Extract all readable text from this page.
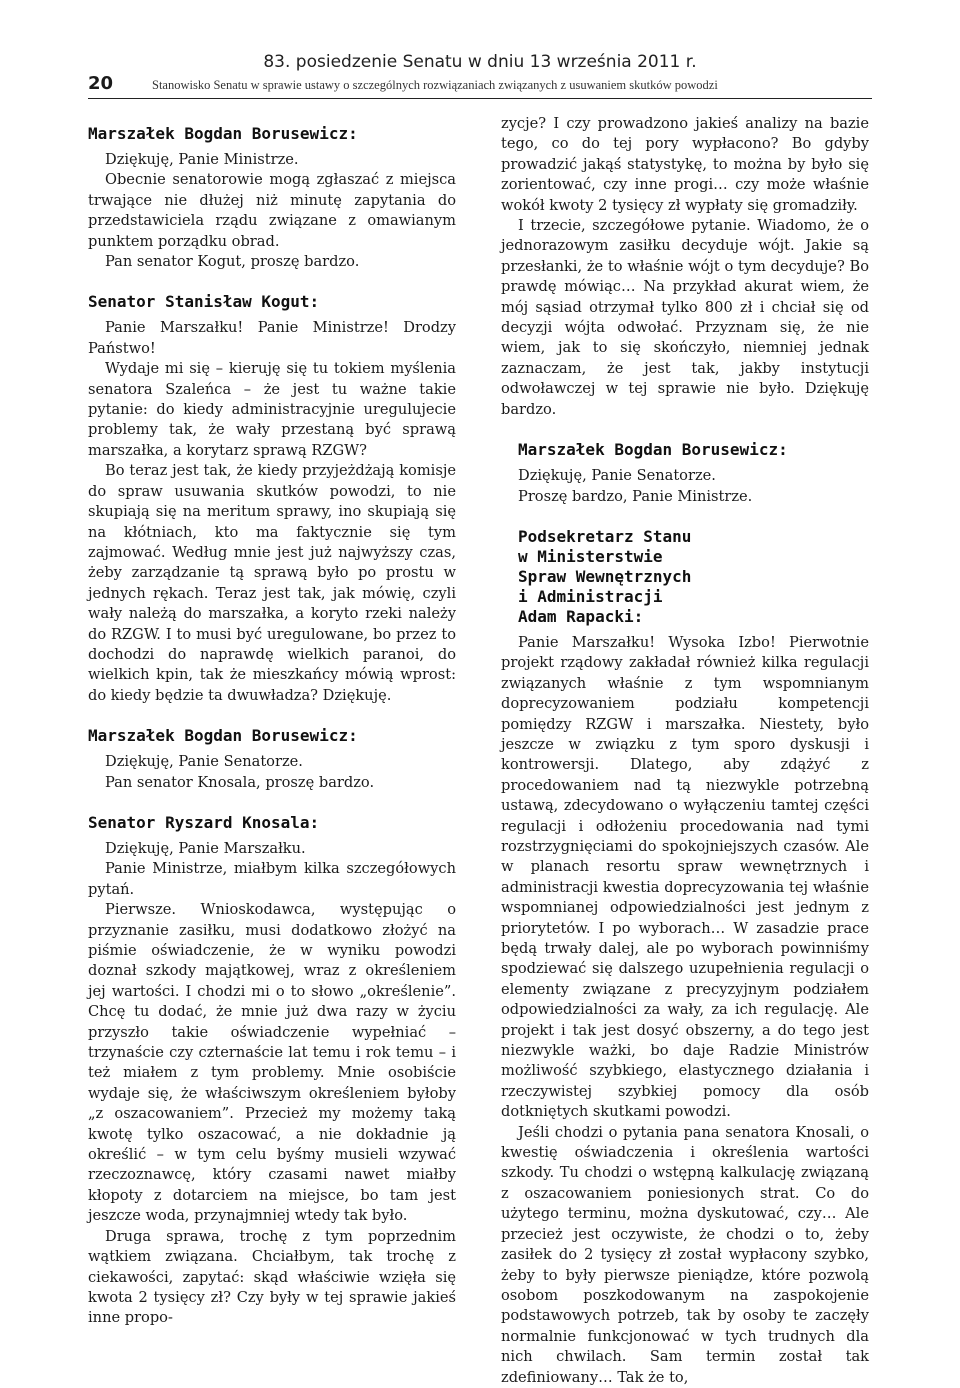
83. posiedzenie Senatu w dniu 13 września 2011 r.
20	Stanowisko Senatu w sprawie ustawy o szczególnych rozwiązaniach związanych z usuwaniem skutków powodzi
Marszałek Bogdan Borusewicz:

Dziękuję, Panie Ministrze.

Obecnie senatorowie mogą zgłaszać z miejsca trwające nie dłużej niż minutę zapytania do przedstawiciela rządu związane z omawianym punktem porządku obrad.

Pan senator Kogut, proszę bardzo.

Senator Stanisław Kogut:

Panie Marszałku! Panie Ministrze! Drodzy Państwo!

Wydaje mi się – kieruję się tu tokiem myślenia senatora Szaleńca – że jest tu ważne takie pytanie: do kiedy administracyjnie uregulujecie problemy tak, że wały przestaną być sprawą marszałka, a korytarz sprawą RZGW?

Bo teraz jest tak, że kiedy przyjeżdżają komisje do spraw usuwania skutków powodzi, to nie skupiają się na meritum sprawy, ino skupiają się na kłótniach, kto ma faktycznie się tym zajmować. Według mnie jest już najwyższy czas, żeby zarządzanie tą sprawą było po prostu w jednych rękach. Teraz jest tak, jak mówię, czyli wały należą do marszałka, a koryto rzeki należy do RZGW. I to musi być uregulowane, bo przez to dochodzi do naprawdę wielkich paranoi, do wielkich kpin, tak że mieszkańcy mówią wprost: do kiedy będzie ta dwuwładza? Dziękuję.

Marszałek Bogdan Borusewicz:

Dziękuję, Panie Senatorze.

Pan senator Knosala, proszę bardzo.

Senator Ryszard Knosala:

Dziękuję, Panie Marszałku.

Panie Ministrze, miałbym kilka szczegółowych pytań.

Pierwsze. Wnioskodawca, występując o przyznanie zasiłku, musi dodatkowo złożyć na piśmie oświadczenie, że w wyniku powodzi doznał szkody majątkowej, wraz z określeniem jej wartości. I chodzi mi o to słowo „określenie”. Chcę tu dodać, że mnie już dwa razy w życiu przyszło takie oświadczenie wypełniać – trzynaście czy czternaście lat temu i rok temu – i też miałem z tym problemy. Mnie osobiście wydaje się, że właściwszym określeniem byłoby „z oszacowaniem”. Przecież my możemy taką kwotę tylko oszacować, a nie dokładnie ją określić – w tym celu byśmy musieli wzywać rzeczoznawcę, który czasami nawet miałby kłopoty z dotarciem na miejsce, bo tam jest jeszcze woda, przynajmniej wtedy tak było.

Druga sprawa, trochę z tym poprzednim wątkiem związana. Chciałbym, tak trochę z ciekawości, zapytać: skąd właściwie wzięła się kwota 2 tysięcy zł? Czy były w tej sprawie jakieś inne propo-

zycje? I czy prowadzono jakieś analizy na bazie tego, co do tej pory wypłacono? Bo gdyby prowadzić jakąś statystykę, to można by było się zorientować, czy inne progi… czy może właśnie wokół kwoty 2 tysięcy zł wypłaty się gromadziły.

I trzecie, szczegółowe pytanie. Wiadomo, że o jednorazowym zasiłku decyduje wójt. Jakie są przesłanki, że to właśnie wójt o tym decyduje? Bo prawdę mówiąc… Na przykład akurat wiem, że mój sąsiad otrzymał tylko 800 zł i chciał się od decyzji wójta odwołać. Przyznam się, że nie wiem, jak to się skończyło, niemniej jednak zaznaczam, że jest tak, jakby instytucji odwoławczej w tej sprawie nie było. Dziękuję bardzo.

Marszałek Bogdan Borusewicz:

Dziękuję, Panie Senatorze.

Proszę bardzo, Panie Ministrze.

Podsekretarz Stanu
w Ministerstwie
Spraw Wewnętrznych
i Administracji
Adam Rapacki:

Panie Marszałku! Wysoka Izbo! Pierwotnie projekt rządowy zakładał również kilka regulacji związanych właśnie z tym wspomnianym doprecyzowaniem podziału kompetencji pomiędzy RZGW i marszałka. Niestety, było jeszcze w związku z tym sporo dyskusji i kontrowersji. Dlatego, aby zdążyć z procedowaniem nad tą niezwykle potrzebną ustawą, zdecydowano o wyłączeniu tamtej części regulacji i odłożeniu procedowania nad tymi rozstrzygnięciami do spokojniejszych czasów. Ale w planach resortu spraw wewnętrznych i administracji kwestia doprecyzowania tej właśnie wspomnianej odpowiedzialności jest jednym z priorytetów. I po wyborach… W zasadzie prace będą trwały dalej, ale po wyborach powinniśmy spodziewać się dalszego uzupełnienia regulacji o elementy związane z precyzyjnym podziałem odpowiedzialności za wały, za ich regulację. Ale projekt i tak jest dosyć obszerny, a do tego jest niezwykle ważki, bo daje Radzie Ministrów możliwość szybkiego, elastycznego działania i rzeczywistej szybkiej pomocy dla osób dotkniętych skutkami powodzi.

Jeśli chodzi o pytania pana senatora Knosali, o kwestię oświadczenia i określenia wartości szkody. Tu chodzi o wstępną kalkulację związaną z oszacowaniem poniesionych strat. Co do użytego terminu, można dyskutować, czy… Ale przecież jest oczywiste, że chodzi o to, żeby zasiłek do 2 tysięcy zł został wypłacony szybko, żeby to były pierwsze pieniądze, które pozwolą osobom poszkodowanym na zaspokojenie podstawowych potrzeb, tak by osoby te zaczęły normalnie funkcjonować w tych trudnych dla nich chwilach. Sam termin został tak zdefiniowany… Tak że to,
